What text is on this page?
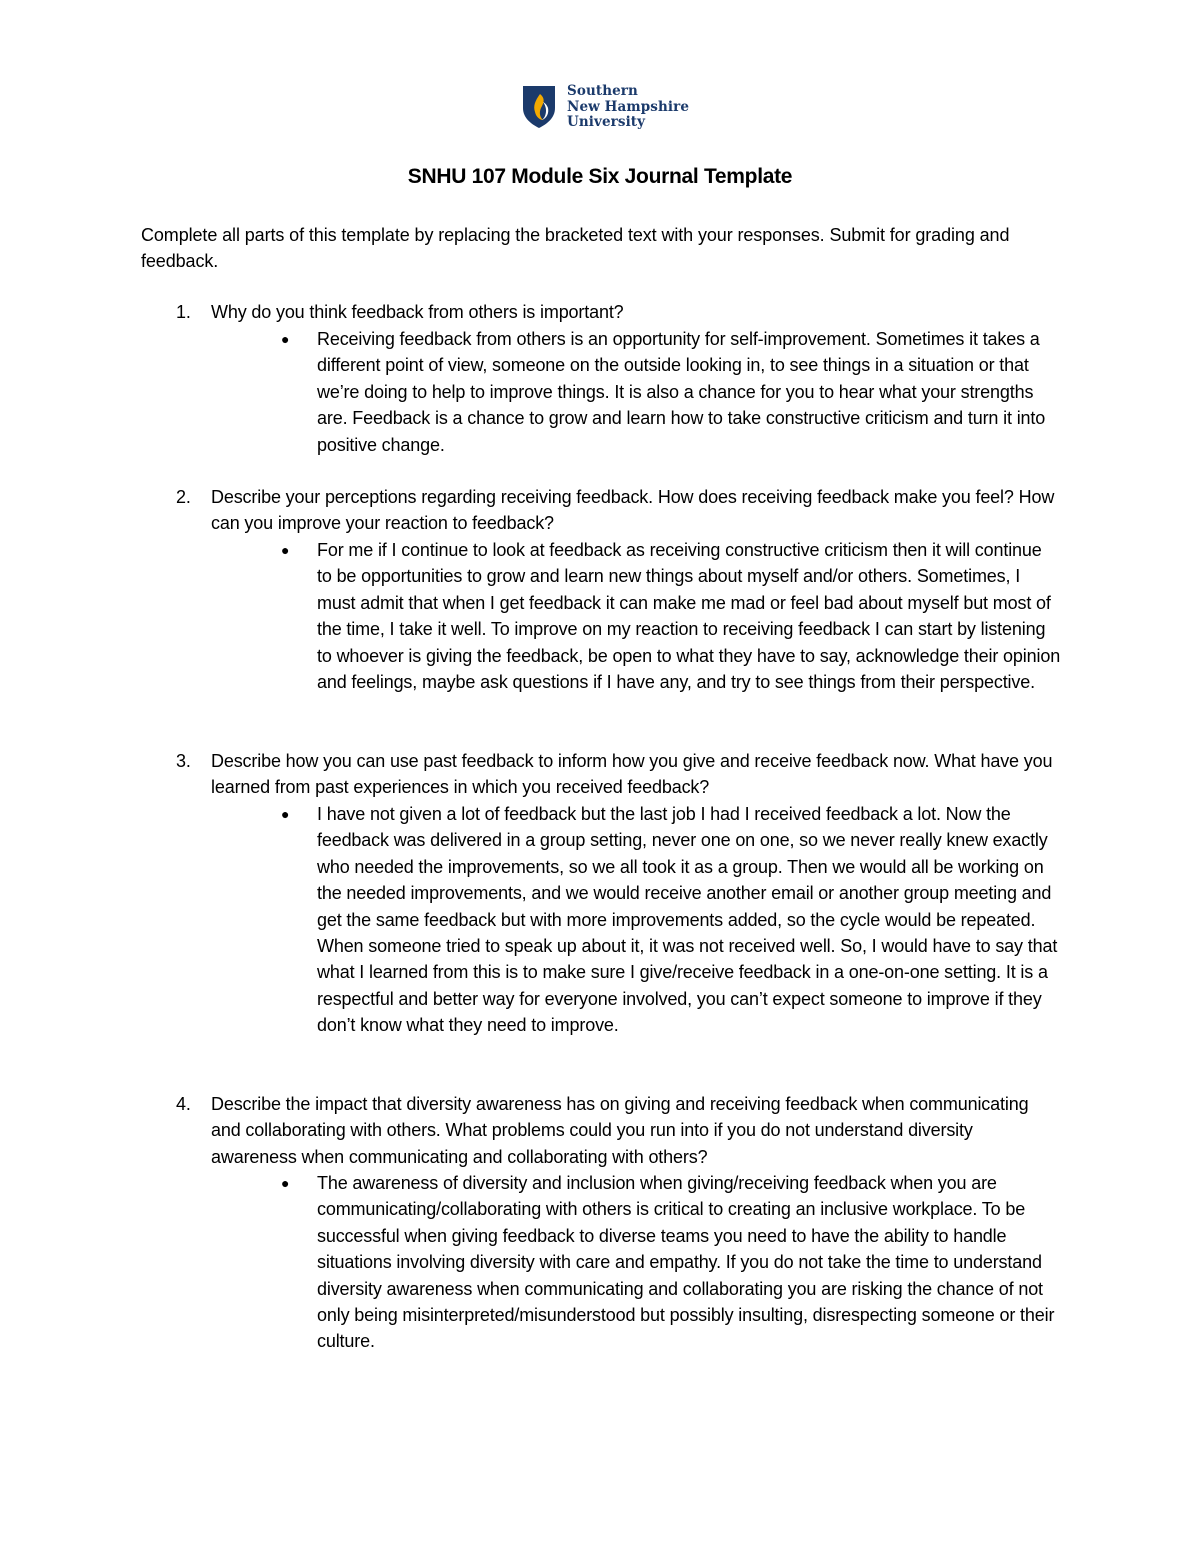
Southern
New Hampshire
University
SNHU 107 Module Six Journal Template
Complete all parts of this template by replacing the bracketed text with your responses. Submit for grading and feedback.
1. Why do you think feedback from others is important?
● Receiving feedback from others is an opportunity for self-improvement. Sometimes it takes a different point of view, someone on the outside looking in, to see things in a situation or that we’re doing to help to improve things. It is also a chance for you to hear what your strengths are. Feedback is a chance to grow and learn how to take constructive criticism and turn it into positive change.
2. Describe your perceptions regarding receiving feedback. How does receiving feedback make you feel? How can you improve your reaction to feedback?
● For me if I continue to look at feedback as receiving constructive criticism then it will continue to be opportunities to grow and learn new things about myself and/or others. Sometimes, I must admit that when I get feedback it can make me mad or feel bad about myself but most of the time, I take it well. To improve on my reaction to receiving feedback I can start by listening to whoever is giving the feedback, be open to what they have to say, acknowledge their opinion and feelings, maybe ask questions if I have any, and try to see things from their perspective.
3. Describe how you can use past feedback to inform how you give and receive feedback now. What have you learned from past experiences in which you received feedback?
● I have not given a lot of feedback but the last job I had I received feedback a lot. Now the feedback was delivered in a group setting, never one on one, so we never really knew exactly who needed the improvements, so we all took it as a group. Then we would all be working on the needed improvements, and we would receive another email or another group meeting and get the same feedback but with more improvements added, so the cycle would be repeated. When someone tried to speak up about it, it was not received well. So, I would have to say that what I learned from this is to make sure I give/receive feedback in a one-on-one setting. It is a respectful and better way for everyone involved, you can’t expect someone to improve if they don’t know what they need to improve.
4. Describe the impact that diversity awareness has on giving and receiving feedback when communicating and collaborating with others. What problems could you run into if you do not understand diversity awareness when communicating and collaborating with others?
● The awareness of diversity and inclusion when giving/receiving feedback when you are communicating/collaborating with others is critical to creating an inclusive workplace. To be successful when giving feedback to diverse teams you need to have the ability to handle situations involving diversity with care and empathy. If you do not take the time to understand diversity awareness when communicating and collaborating you are risking the chance of not only being misinterpreted/misunderstood but possibly insulting, disrespecting someone or their culture.
